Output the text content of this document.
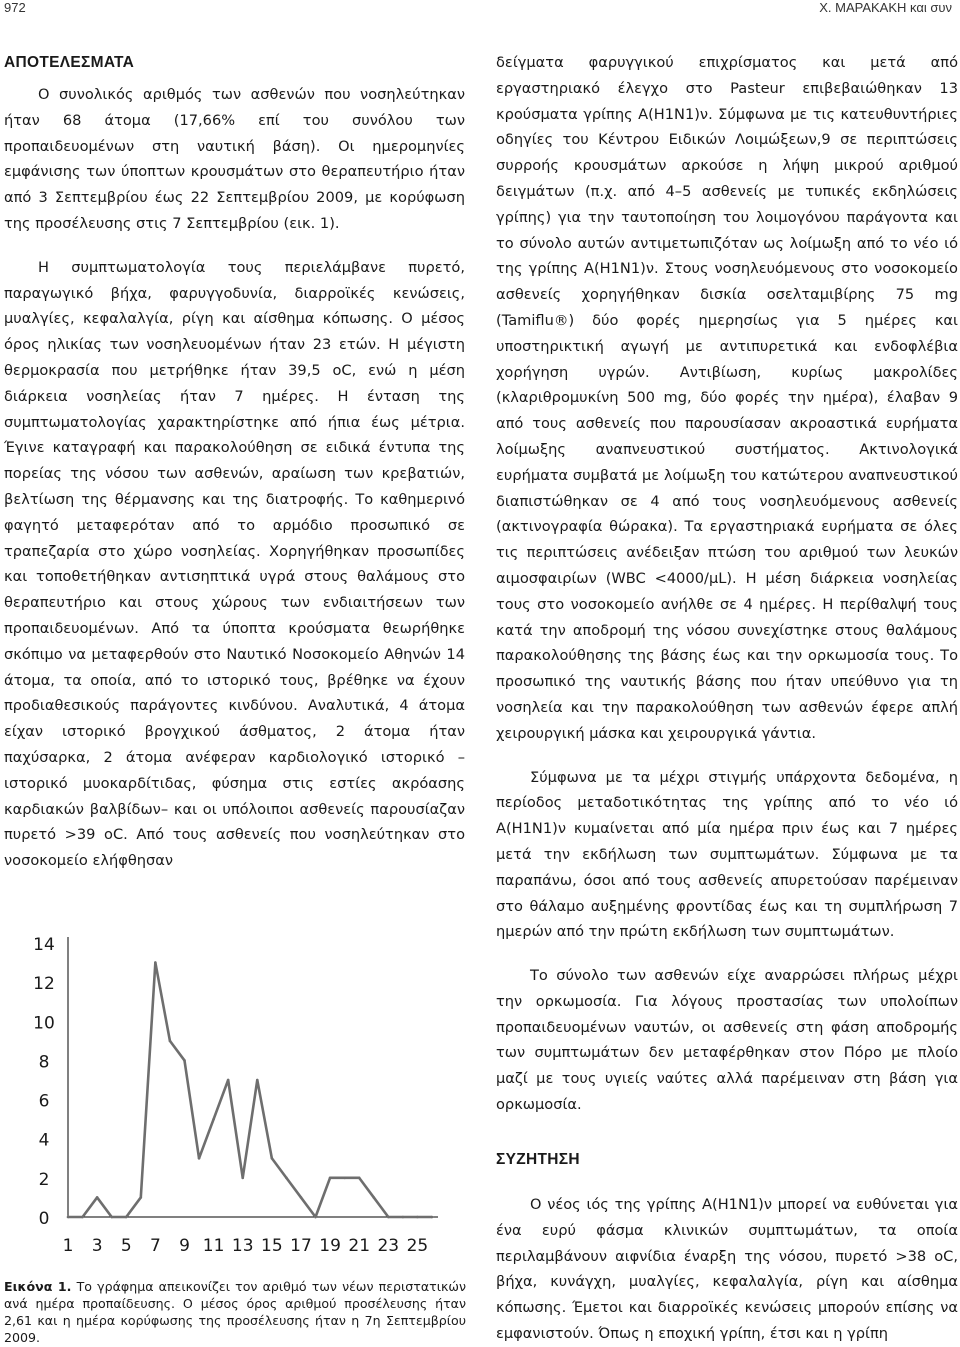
972	Χ. ΜΑΡΑΚΑΚΗ και συν
ΑΠΟΤΕΛΕΣΜΑΤΑ

Ο συνολικός αριθμός των ασθενών που νοσηλεύτηκαν ήταν 68 άτομα (17,66% επί του συνόλου των προπαιδευομένων στη ναυτική βάση). Οι ημερομηνίες εμφάνισης των ύποπτων κρουσμάτων στο θεραπευτήριο ήταν από 3 Σεπτεμβρίου έως 22 Σεπτεμβρίου 2009, με κορύφωση της προσέλευσης στις 7 Σεπτεμβρίου (εικ. 1).

Η συμπτωματολογία τους περιελάμβανε πυρετό, παραγωγικό βήχα, φαρυγγοδυνία, διαρροϊκές κενώσεις, μυαλγίες, κεφαλαλγία, ρίγη και αίσθημα κόπωσης. Ο μέσος όρος ηλικίας των νοσηλευομένων ήταν 23 ετών. Η μέγιστη θερμοκρασία που μετρήθηκε ήταν 39,5 οC, ενώ η μέση διάρκεια νοσηλείας ήταν 7 ημέρες. Η ένταση της συμπτωματολογίας χαρακτηρίστηκε από ήπια έως μέτρια. Έγινε καταγραφή και παρακολούθηση σε ειδικά έντυπα της πορείας της νόσου των ασθενών, αραίωση των κρεβατιών, βελτίωση της θέρμανσης και της διατροφής. Το καθημερινό φαγητό μεταφερόταν από το αρμόδιο προσωπικό σε τραπεζαρία στο χώρο νοσηλείας. Χορηγήθηκαν προσωπίδες και τοποθετήθηκαν αντισηπτικά υγρά στους θαλάμους στο θεραπευτήριο και στους χώρους των ενδιαιτήσεων των προπαιδευομένων. Από τα ύποπτα κρούσματα θεωρήθηκε σκόπιμο να μεταφερθούν στο Ναυτικό Νοσοκομείο Αθηνών 14 άτομα, τα οποία, από το ιστορικό τους, βρέθηκε να έχουν προδιαθεσικούς παράγοντες κινδύνου. Αναλυτικά, 4 άτομα είχαν ιστορικό βρογχικού άσθματος, 2 άτομα ήταν παχύσαρκα, 2 άτομα ανέφεραν καρδιολογικό ιστορικό –ιστορικό μυοκαρδίτιδας, φύσημα στις εστίες ακρόασης καρδιακών βαλβίδων– και οι υπόλοιποι ασθενείς παρουσίαζαν πυρετό >39 οC. Από τους ασθενείς που νοσηλεύτηκαν στο νοσοκομείο ελήφθησαν

0
2
4
6
8
10
12
14
1 3 5 7 9 11 13 15 17 19 21 23 25
Εικόνα 1. Το γράφημα απεικονίζει τον αριθμό των νέων περιστατικών ανά ημέρα προπαίδευσης. Ο μέσος όρος αριθμού προσέλευσης ήταν 2,61 και η ημέρα κορύφωσης της προσέλευσης ήταν η 7η Σεπτεμβρίου 2009.

δείγματα φαρυγγικού επιχρίσματος και μετά από εργαστηριακό έλεγχο στο Pasteur επιβεβαιώθηκαν 13 κρούσματα γρίπης Α(Η1Ν1)ν. Σύμφωνα με τις κατευθυντήριες οδηγίες του Κέντρου Ειδικών Λοιμώξεων,9 σε περιπτώσεις συρροής κρουσμάτων αρκούσε η λήψη μικρού αριθμού δειγμάτων (π.χ. από 4–5 ασθενείς με τυπικές εκδηλώσεις γρίπης) για την ταυτοποίηση του λοιμογόνου παράγοντα και το σύνολο αυτών αντιμετωπιζόταν ως λοίμωξη από το νέο ιό της γρίπης Α(Η1Ν1)ν. Στους νοσηλευόμενους στο νοσοκομείο ασθενείς χορηγήθηκαν δισκία οσελταμιβίρης 75 mg (Tamiflu®) δύο φορές ημερησίως για 5 ημέρες και υποστηρικτική αγωγή με αντιπυρετικά και ενδοφλέβια χορήγηση υγρών. Αντιβίωση, κυρίως μακρολίδες (κλαριθρομυκίνη 500 mg, δύο φορές την ημέρα), έλαβαν 9 από τους ασθενείς που παρουσίασαν ακροαστικά ευρήματα λοίμωξης αναπνευστικού συστήματος. Ακτινολογικά ευρήματα συμβατά με λοίμωξη του κατώτερου αναπνευστικού διαπιστώθηκαν σε 4 από τους νοσηλευόμενους ασθενείς (ακτινογραφία θώρακα). Τα εργαστηριακά ευρήματα σε όλες τις περιπτώσεις ανέδειξαν πτώση του αριθμού των λευκών αιμοσφαιρίων (WBC <4000/μL). Η μέση διάρκεια νοσηλείας τους στο νοσοκομείο ανήλθε σε 4 ημέρες. Η περίθαλψή τους κατά την αποδρομή της νόσου συνεχίστηκε στους θαλάμους παρακολούθησης της βάσης έως και την ορκωμοσία τους. Το προσωπικό της ναυτικής βάσης που ήταν υπεύθυνο για τη νοσηλεία και την παρακολούθηση των ασθενών έφερε απλή χειρουργική μάσκα και χειρουργικά γάντια.

Σύμφωνα με τα μέχρι στιγμής υπάρχοντα δεδομένα, η περίοδος μεταδοτικότητας της γρίπης από το νέο ιό Α(Η1Ν1)ν κυμαίνεται από μία ημέρα πριν έως και 7 ημέρες μετά την εκδήλωση των συμπτωμάτων. Σύμφωνα με τα παραπάνω, όσοι από τους ασθενείς απυρετούσαν παρέμειναν στο θάλαμο αυξημένης φροντίδας έως και τη συμπλήρωση 7 ημερών από την πρώτη εκδήλωση των συμπτωμάτων.

Το σύνολο των ασθενών είχε αναρρώσει πλήρως μέχρι την ορκωμοσία. Για λόγους προστασίας των υπολοίπων προπαιδευομένων ναυτών, οι ασθενείς στη φάση αποδρομής των συμπτωμάτων δεν μεταφέρθηκαν στον Πόρο με πλοίο μαζί με τους υγιείς ναύτες αλλά παρέμειναν στη βάση για ορκωμοσία.

ΣΥΖΗΤΗΣΗ

Ο νέος ιός της γρίπης Α(Η1Ν1)ν μπορεί να ευθύνεται για ένα ευρύ φάσμα κλινικών συμπτωμάτων, τα οποία περιλαμβάνουν αιφνίδια έναρξη της νόσου, πυρετό >38 οC, βήχα, κυνάγχη, μυαλγίες, κεφαλαλγία, ρίγη και αίσθημα κόπωσης. Έμετοι και διαρροϊκές κενώσεις μπορούν επίσης να εμφανιστούν. Όπως η εποχική γρίπη, έτσι και η γρίπη
